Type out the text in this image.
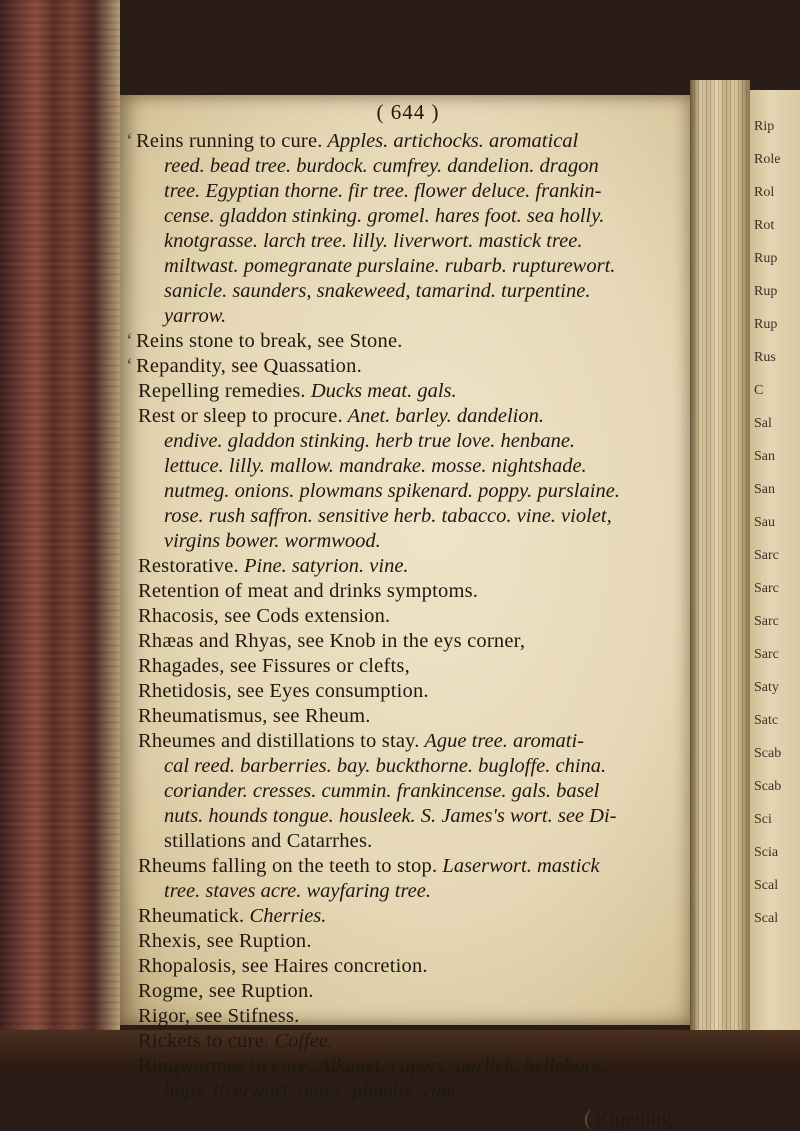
Rip
Role
Rol
Rot
Rup
Rup
Rup
Rus
C
Sal
San
San
Sau
Sarc
Sarc
Sarc
Sarc
Saty
Satc
Scab
Scab
Sci
Scia
Scal
Scal
( 644 )

‘ Reins running to cure. Apples. artichocks. aromatical

reed. bead tree. burdock. cumfrey. dandelion. dragon

tree. Egyptian thorne. fir tree. flower deluce. frankin-

cense. gladdon stinking. gromel. hares foot. sea holly.

knotgrasse. larch tree. lilly. liverwort. mastick tree.

miltwast. pomegranate purslaine. rubarb. rupturewort.

sanicle. saunders, snakeweed, tamarind. turpentine.

yarrow.

‘ Reins stone to break, see Stone.

‘ Repandity, see Quassation.

Repelling remedies. Ducks meat. gals.

Rest or sleep to procure. Anet. barley. dandelion.

endive. gladdon stinking. herb true love. henbane.

lettuce. lilly. mallow. mandrake. mosse. nightshade.

nutmeg. onions. plowmans spikenard. poppy. purslaine.

rose. rush saffron. sensitive herb. tabacco. vine. violet,

virgins bower. wormwood.

Restorative. Pine. satyrion. vine.

Retention of meat and drinks symptoms.

Rhacosis, see Cods extension.

Rhæas and Rhyas, see Knob in the eys corner,

Rhagades, see Fissures or clefts,

Rhetidosis, see Eyes consumption.

Rheumatismus, see Rheum.

Rheumes and distillations to stay. Ague tree. aromati-

cal reed. barberries. bay. buckthorne. bugloffe. china.

coriander. cresses. cummin. frankincense. gals. basel

nuts. hounds tongue. housleek. S. James's wort. see Di-

stillations and Catarrhes.

Rheums falling on the teeth to stop. Laserwort. mastick

tree. staves acre. wayfaring tree.

Rheumatick. Cherries.

Rhexis, see Ruption.

Rhopalosis, see Haires concretion.

Rogme, see Ruption.

Rigor, see Stifness.

Rickets to cure. Coffee.

Ringwormes to cure. Alkanet. capers, garlick. hellebore,

hops. liverwort, oates. plumbs. vine.

( Ripening
